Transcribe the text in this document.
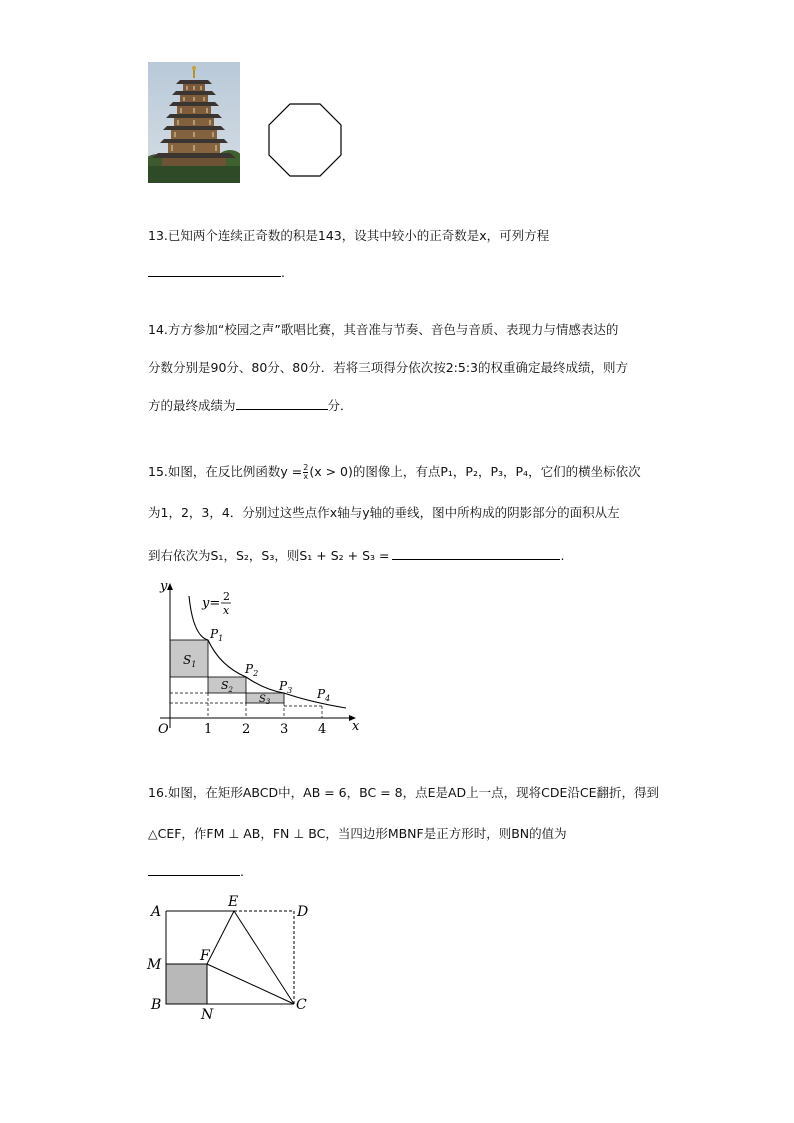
13.已知两个连续正奇数的积是143，设其中较小的正奇数是x，可列方程
.
14.方方参加“校园之声”歌唱比赛，其音准与节奏、音色与音质、表现力与情感表达的
分数分别是90分、80分、80分．若将三项得分依次按2:5:3的权重确定最终成绩，则方
方的最终成绩为	分．
15.如图，在反比例函数$y = \frac{2}{x} (x > 0)$的图像上，有点P₁，P₂，P₃，P₄，它们的横坐标依次
为1，2，3，4．分别过这些点作x轴与y轴的垂线，图中所构成的阴影部分的面积从左
到右依次为S₁，S₂，S₃，则S₁ + S₂ + S₃ =	.
y
x
O
y= 2
x
1 2 3 4
$P_1$
$P_2$
$P_3$ $P_4$
$S_1$
$S_2$
$S_3$
16.如图，在矩形ABCD中，AB = 6，BC = 8，点E是AD上一点，现将CDE沿CE翻折，得到
△CEF，作FM ⊥ AB，FN ⊥ BC，当四边形MBNF是正方形时，则BN的值为
.
A
E
D
M
F
B
N
C
